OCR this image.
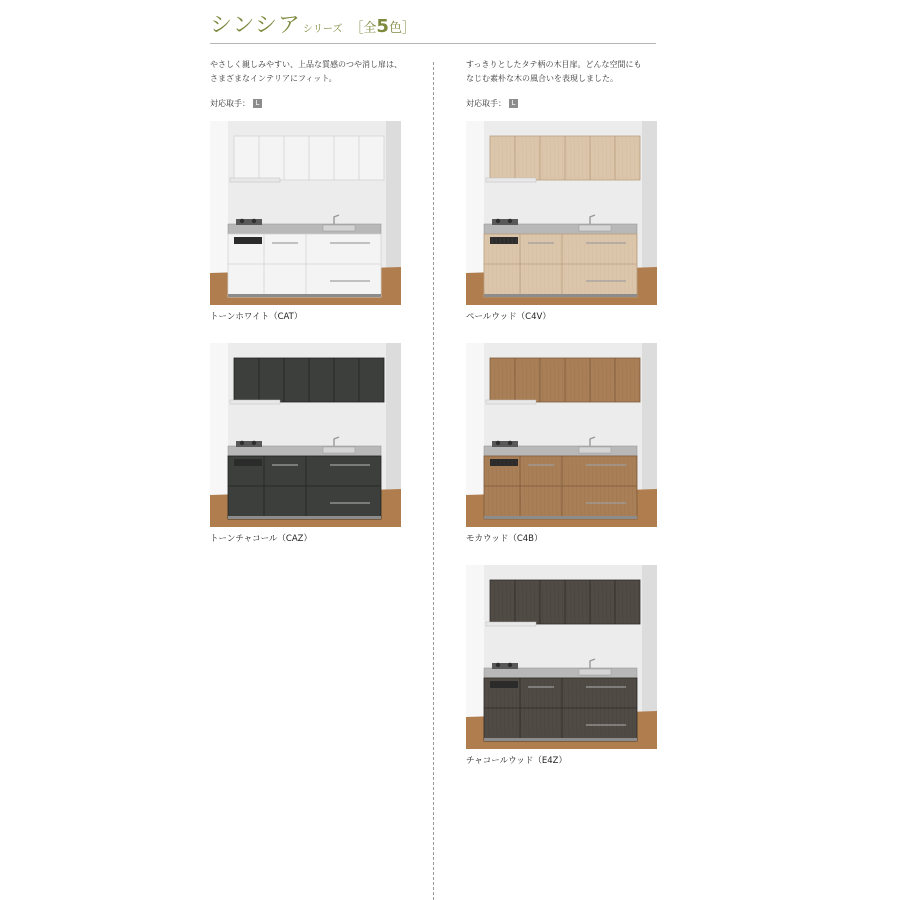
シンシア シリーズ ［全5色］
やさしく親しみやすい、上品な質感のつや消し扉は、
さまざまなインテリアにフィット。
対応取手： L
すっきりとしたタテ柄の木目扉。どんな空間にも
なじむ素朴な木の風合いを表現しました。
対応取手： L
トーンホワイト（CAT）	ペールウッド（C4V）
トーンチャコール（CAZ）	モカウッド（C4B）
チャコールウッド（E4Z）
